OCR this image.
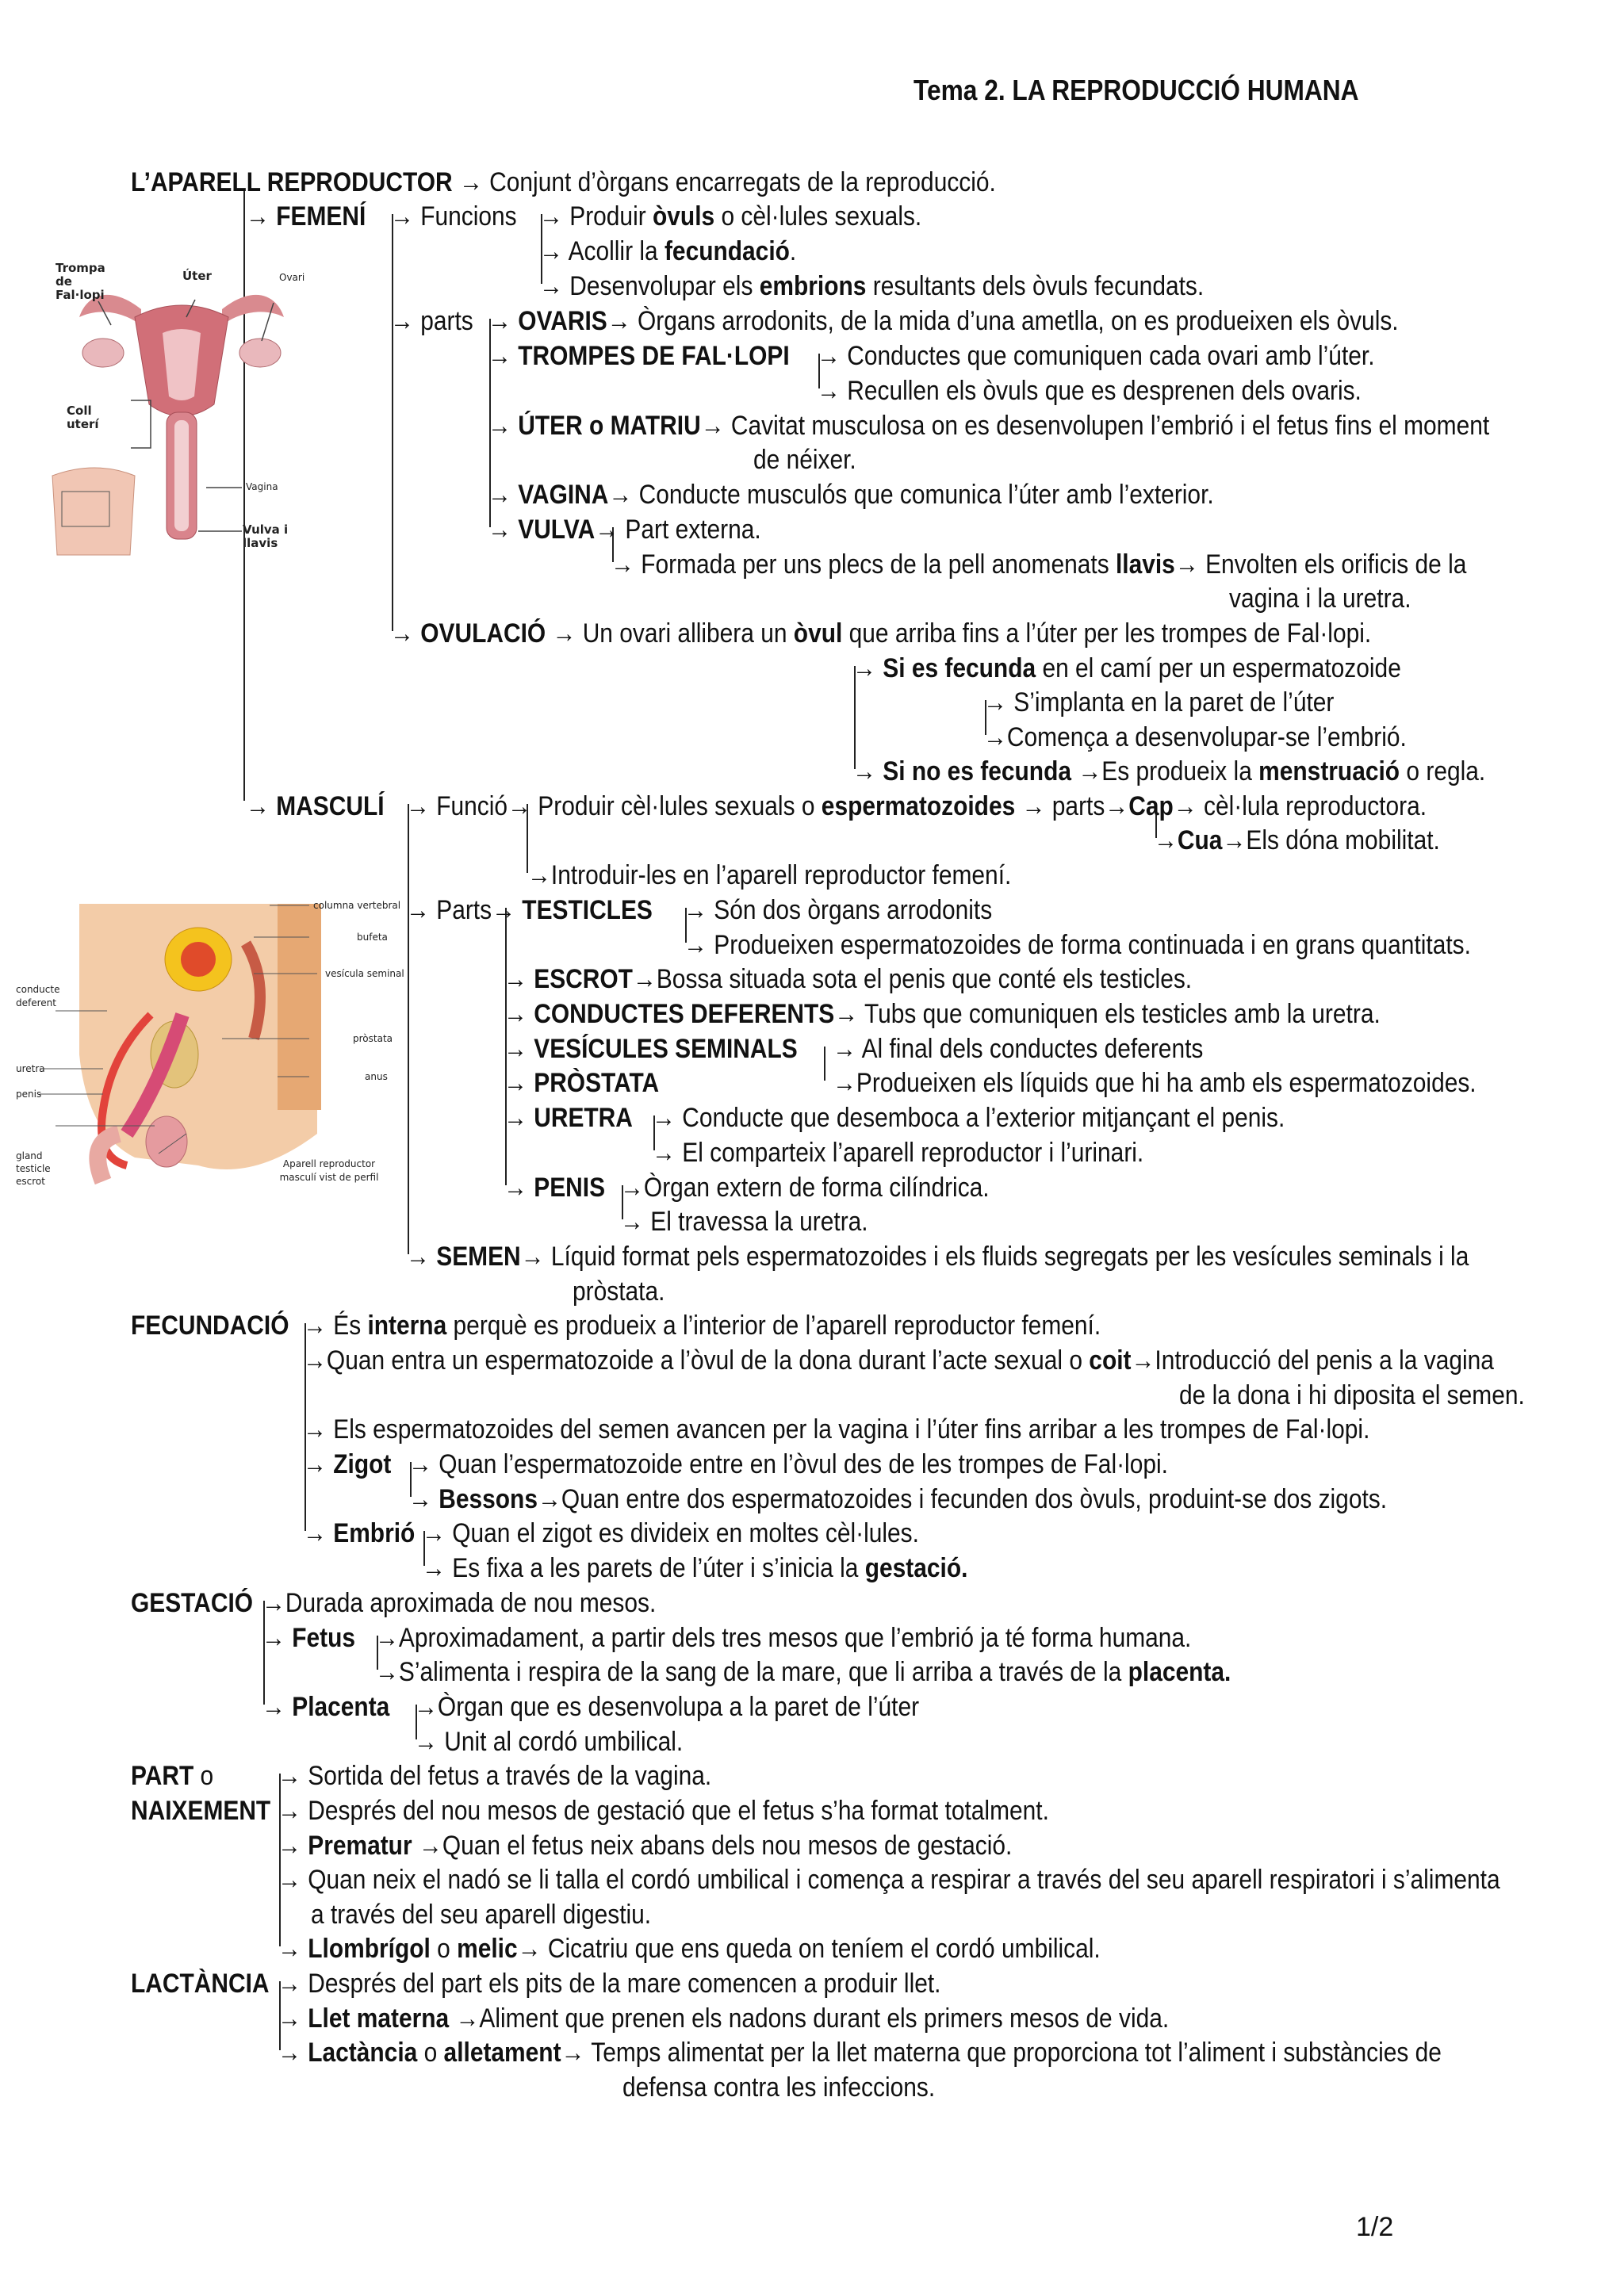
Tema 2. LA REPRODUCCIÓ HUMANA
L’APARELL REPRODUCTOR → Conjunt d’òrgans encarregats de la reproducció.
→ FEMENÍ → Funcions → Produir òvuls o cèl·lules sexuals.
→ Acollir la fecundació.
→ Desenvolupar els embrions resultants dels òvuls fecundats.
→ parts → OVARIS→ Òrgans arrodonits, de la mida d’una ametlla, on es produeixen els òvuls.
→ TROMPES DE FAL·LOPI → Conductes que comuniquen cada ovari amb l’úter.
→ Recullen els òvuls que es desprenen dels ovaris.
→ ÚTER o MATRIU→ Cavitat musculosa on es desenvolupen l’embrió i el fetus fins el moment
de néixer.
→ VAGINA→ Conducte musculós que comunica l’úter amb l’exterior.
→ VULVA→ Part externa.
→ Formada per uns plecs de la pell anomenats llavis→ Envolten els orificis de la
vagina i la uretra.
→ OVULACIÓ → Un ovari allibera un òvul que arriba fins a l’úter per les trompes de Fal·lopi.
→ Si es fecunda en el camí per un espermatozoide
→ S’implanta en la paret de l’úter
→Comença a desenvolupar-se l’embrió.
→ Si no es fecunda →Es produeix la menstruació o regla.
→ MASCULÍ → Funció→ Produir cèl·lules sexuals o espermatozoides → parts→Cap→ cèl·lula reproductora.
→Cua→Els dóna mobilitat.
→Introduir-les en l’aparell reproductor femení.
→ Parts→ TESTICLES → Són dos òrgans arrodonits
→ Produeixen espermatozoides de forma continuada i en grans quantitats.
→ ESCROT→Bossa situada sota el penis que conté els testicles.
→ CONDUCTES DEFERENTS→ Tubs que comuniquen els testicles amb la uretra.
→ VESÍCULES SEMINALS → Al final dels conductes deferents
→ PRÒSTATA	→Produeixen els líquids que hi ha amb els espermatozoides.
→ URETRA → Conducte que desemboca a l’exterior mitjançant el penis.
→ El comparteix l’aparell reproductor i l’urinari.
→ PENIS →Òrgan extern de forma cilíndrica.
→ El travessa la uretra.
→ SEMEN→ Líquid format pels espermatozoides i els fluids segregats per les vesícules seminals i la
pròstata.
FECUNDACIÓ → És interna perquè es produeix a l’interior de l’aparell reproductor femení.
→Quan entra un espermatozoide a l’òvul de la dona durant l’acte sexual o coit→Introducció del penis a la vagina
de la dona i hi diposita el semen.
→ Els espermatozoides del semen avancen per la vagina i l’úter fins arribar a les trompes de Fal·lopi.
→ Zigot → Quan l’espermatozoide entre en l’òvul des de les trompes de Fal·lopi.
→ Bessons→Quan entre dos espermatozoides i fecunden dos òvuls, produint-se dos zigots.
→ Embrió → Quan el zigot es divideix en moltes cèl·lules.
→ Es fixa a les parets de l’úter i s’inicia la gestació.
GESTACIÓ →Durada aproximada de nou mesos.
→ Fetus →Aproximadament, a partir dels tres mesos que l’embrió ja té forma humana.
→S’alimenta i respira de la sang de la mare, que li arriba a través de la placenta.
→ Placenta →Òrgan que es desenvolupa a la paret de l’úter
→ Unit al cordó umbilical.
PART o
NAIXEMENT
→ Sortida del fetus a través de la vagina.
→ Després del nou mesos de gestació que el fetus s’ha format totalment.
→ Prematur →Quan el fetus neix abans dels nou mesos de gestació.
→ Quan neix el nadó se li talla el cordó umbilical i comença a respirar a través del seu aparell respiratori i s’alimenta
a través del seu aparell digestiu.
→ Llombrígol o melic→ Cicatriu que ens queda on teníem el cordó umbilical.
LACTÀNCIA → Després del part els pits de la mare comencen a produir llet.
→ Llet materna →Aliment que prenen els nadons durant els primers mesos de vida.
→ Lactància o alletament→ Temps alimentat per la llet materna que proporciona tot l’aliment i substàncies de
defensa contra les infeccions.
Trompa de Fal·lopi
Úter	Ovari
Coll uterí
Vagina
Vulva i llavis
columna vertebral
bufeta
vesícula seminal
conducte deferent
pròstata
uretra
anus
penis
gland
testicle
escrot
Aparell reproductor masculí vist de perfil
1/2
